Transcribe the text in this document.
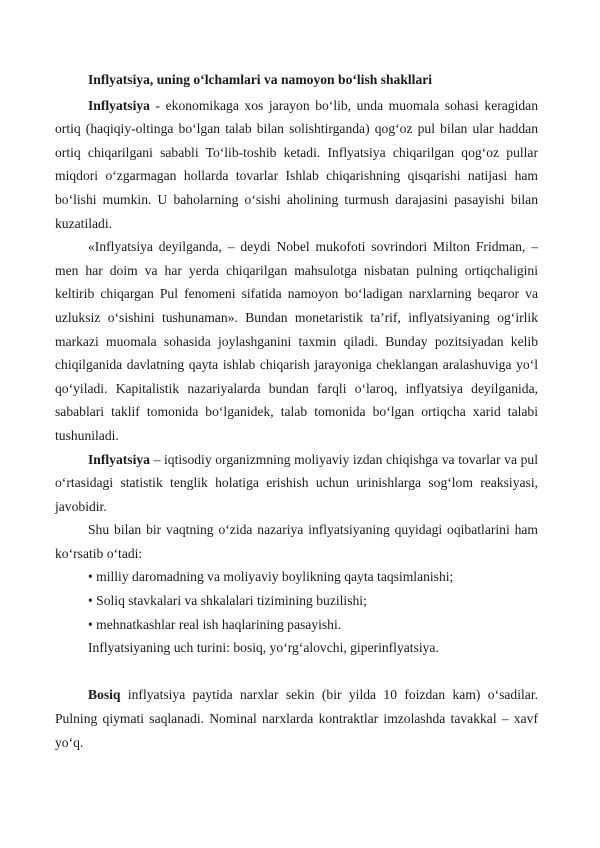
Inflyatsiya, uning o‘lchamlari va namoyon bo‘lish shakllari

Inflyatsiya - ekonomikaga xos jarayon bo‘lib, unda muomala sohasi keragidan ortiq (haqiqiy-oltinga bo‘lgan talab bilan solishtirganda) qog‘oz pul bilan ular haddan ortiq chiqarilgani sababli To‘lib-toshib ketadi. Inflyatsiya chiqarilgan qog‘oz pullar miqdori o‘zgarmagan hollarda tovarlar Ishlab chiqarishning qisqarishi natijasi ham bo‘lishi mumkin. U baholarning o‘sishi aholining turmush darajasini pasayishi bilan kuzatiladi.

«Inflyatsiya deyilganda, – deydi Nobel mukofoti sovrindori Milton Fridman, – men har doim va har yerda chiqarilgan mahsulotga nisbatan pulning ortiqchaligini keltirib chiqargan Pul fenomeni sifatida namoyon bo‘ladigan narxlarning beqaror va uzluksiz o‘sishini tushunaman». Bundan monetaristik ta’rif, inflyatsiyaning og‘irlik markazi muomala sohasida joylashganini taxmin qiladi. Bunday pozitsiyadan kelib chiqilganida davlatning qayta ishlab chiqarish jarayoniga cheklangan aralashuviga yo‘l qo‘yiladi. Kapitalistik nazariyalarda bundan farqli o‘laroq, inflyatsiya deyilganida, sabablari taklif tomonida bo‘lganidek, talab tomonida bo‘lgan ortiqcha xarid talabi tushuniladi.

Inflyatsiya – iqtisodiy organizmning moliyaviy izdan chiqishga va tovarlar va pul o‘rtasidagi statistik tenglik holatiga erishish uchun urinishlarga sog‘lom reaksiyasi, javobidir.

Shu bilan bir vaqtning o‘zida nazariya inflyatsiyaning quyidagi oqibatlarini ham ko‘rsatib o‘tadi:

• milliy daromadning va moliyaviy boylikning qayta taqsimlanishi;

• Soliq stavkalari va shkalalari tizimining buzilishi;

• mehnatkashlar real ish haqlarining pasayishi.

Inflyatsiyaning uch turini: bosiq, yo‘rg‘alovchi, giperinflyatsiya.

Bosiq inflyatsiya paytida narxlar sekin (bir yilda 10 foizdan kam) o‘sadilar. Pulning qiymati saqlanadi. Nominal narxlarda kontraktlar imzolashda tavakkal – xavf yo‘q.
